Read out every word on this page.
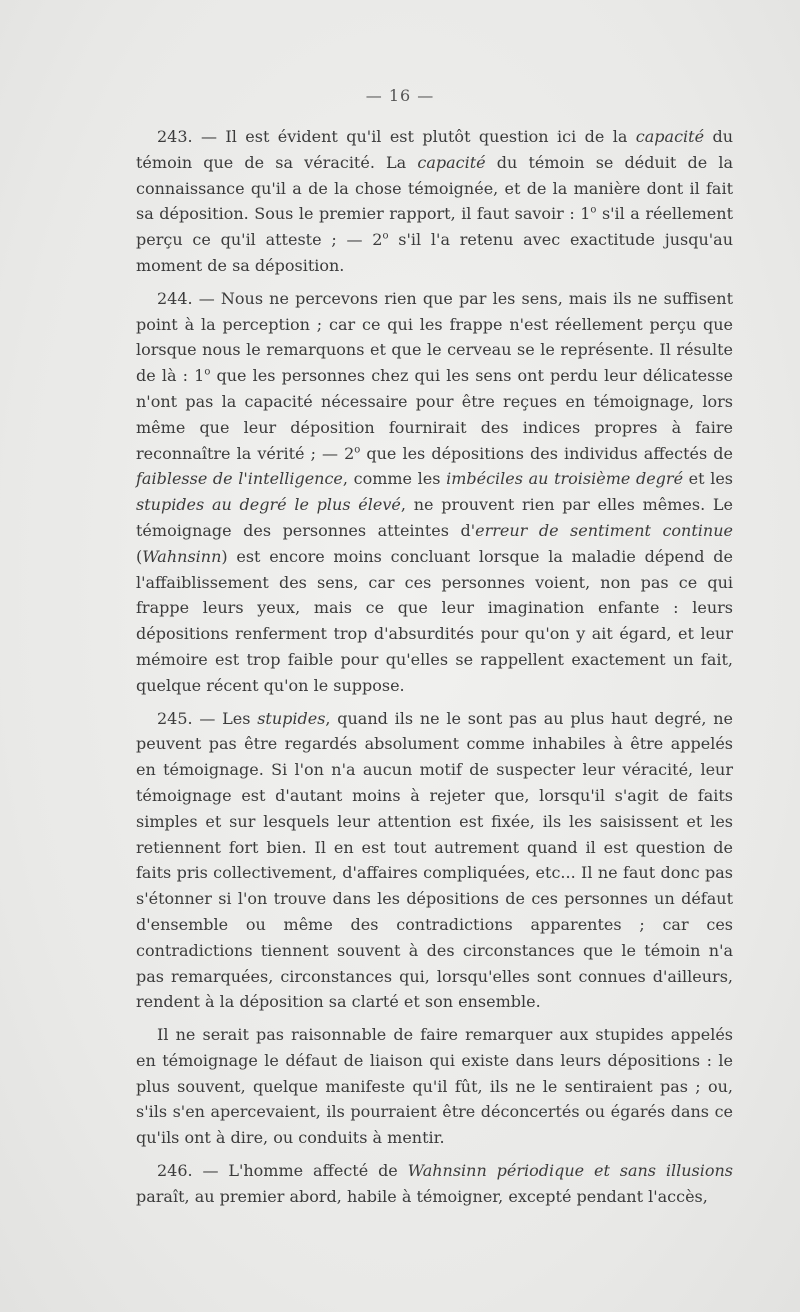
— 16 —

243. — Il est évident qu'il est plutôt question ici de la capacité du témoin que de sa véracité. La capacité du témoin se déduit de la connaissance qu'il a de la chose témoignée, et de la manière dont il fait sa déposition. Sous le premier rapport, il faut savoir : 1$^o$ s'il a réellement perçu ce qu'il atteste ; — 2$^o$ s'il l'a retenu avec exactitude jusqu'au moment de sa déposition.

244. — Nous ne percevons rien que par les sens, mais ils ne suffisent point à la perception ; car ce qui les frappe n'est réellement perçu que lorsque nous le remarquons et que le cerveau se le représente. Il résulte de là : 1$^o$ que les personnes chez qui les sens ont perdu leur délicatesse n'ont pas la capacité nécessaire pour être reçues en témoignage, lors même que leur déposition fournirait des indices propres à faire reconnaître la vérité ; — 2$^o$ que les dépositions des individus affectés de faiblesse de l'intelligence, comme les imbéciles au troisième degré et les stupides au degré le plus élevé, ne prouvent rien par elles mêmes. Le témoignage des personnes atteintes d'erreur de sentiment continue (Wahnsinn) est encore moins concluant lorsque la maladie dépend de l'affaiblissement des sens, car ces personnes voient, non pas ce qui frappe leurs yeux, mais ce que leur imagination enfante : leurs dépositions renferment trop d'absurdités pour qu'on y ait égard, et leur mémoire est trop faible pour qu'elles se rappellent exactement un fait, quelque récent qu'on le suppose.

245. — Les stupides, quand ils ne le sont pas au plus haut degré, ne peuvent pas être regardés absolument comme inhabiles à être appelés en témoignage. Si l'on n'a aucun motif de suspecter leur véracité, leur témoignage est d'autant moins à rejeter que, lorsqu'il s'agit de faits simples et sur lesquels leur attention est fixée, ils les saisissent et les retiennent fort bien. Il en est tout autrement quand il est question de faits pris collectivement, d'affaires compliquées, etc... Il ne faut donc pas s'étonner si l'on trouve dans les dépositions de ces personnes un défaut d'ensemble ou même des contradictions apparentes ; car ces contradictions tiennent souvent à des circonstances que le témoin n'a pas remarquées, circonstances qui, lorsqu'elles sont connues d'ailleurs, rendent à la déposition sa clarté et son ensemble.

Il ne serait pas raisonnable de faire remarquer aux stupides appelés en témoignage le défaut de liaison qui existe dans leurs dépositions : le plus souvent, quelque manifeste qu'il fût, ils ne le sentiraient pas ; ou, s'ils s'en apercevaient, ils pourraient être déconcertés ou égarés dans ce qu'ils ont à dire, ou conduits à mentir.

246. — L'homme affecté de Wahnsinn périodique et sans illusions paraît, au premier abord, habile à témoigner, excepté pendant l'accès,
